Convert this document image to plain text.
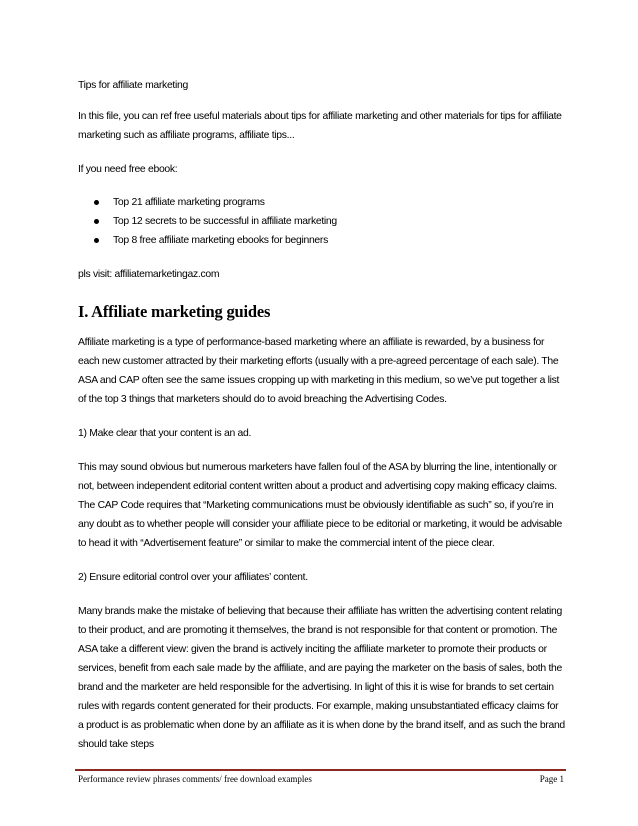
Tips for affiliate marketing

In this file, you can ref free useful materials about tips for affiliate marketing and other materials for tips for affiliate marketing such as affiliate programs, affiliate tips...

If you need free ebook:

Top 21 affiliate marketing programs
Top 12 secrets to be successful in affiliate marketing
Top 8 free affiliate marketing ebooks for beginners

pls visit: affiliatemarketingaz.com

I. Affiliate marketing guides

Affiliate marketing is a type of performance-based marketing where an affiliate is rewarded, by a business for each new customer attracted by their marketing efforts (usually with a pre-agreed percentage of each sale). The ASA and CAP often see the same issues cropping up with marketing in this medium, so we’ve put together a list of the top 3 things that marketers should do to avoid breaching the Advertising Codes.

1) Make clear that your content is an ad.

This may sound obvious but numerous marketers have fallen foul of the ASA by blurring the line, intentionally or not, between independent editorial content written about a product and advertising copy making efficacy claims. The CAP Code requires that “Marketing communications must be obviously identifiable as such” so, if you’re in any doubt as to whether people will consider your affiliate piece to be editorial or marketing, it would be advisable to head it with “Advertisement feature” or similar to make the commercial intent of the piece clear.

2) Ensure editorial control over your affiliates’ content.

Many brands make the mistake of believing that because their affiliate has written the advertising content relating to their product, and are promoting it themselves, the brand is not responsible for that content or promotion. The ASA take a different view: given the brand is actively inciting the affiliate marketer to promote their products or services, benefit from each sale made by the affiliate, and are paying the marketer on the basis of sales, both the brand and the marketer are held responsible for the advertising. In light of this it is wise for brands to set certain rules with regards content generated for their products. For example, making unsubstantiated efficacy claims for a product is as problematic when done by an affiliate as it is when done by the brand itself, and as such the brand should take steps

Performance review phrases comments/ free download examples	Page 1
